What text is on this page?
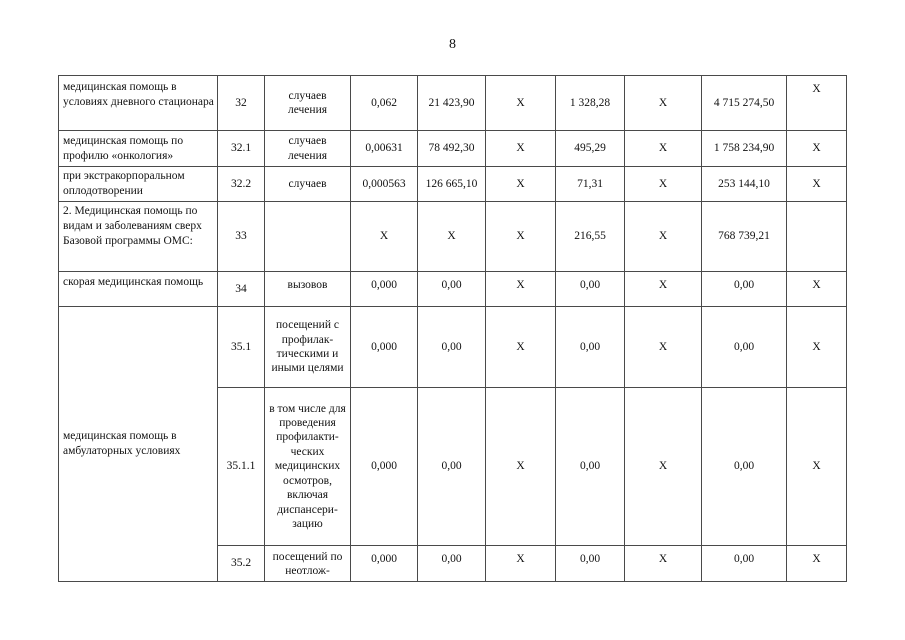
8
медицинская помощь в условиях дневного стационара	32	случаев лечения	0,062	21 423,90	X	1 328,28	X	4 715 274,50	X
медицинская помощь по профилю «онкология»	32.1	случаев лечения	0,00631	78 492,30	X	495,29	X	1 758 234,90	X
при экстракорпоральном оплодотворении	32.2	случаев	0,000563	126 665,10	X	71,31	X	253 144,10	X
2. Медицинская помощь по видам и заболеваниям сверх Базовой программы ОМС:	33		X	X	X	216,55	X	768 739,21	
скорая медицинская помощь	34	вызовов	0,000	0,00	X	0,00	X	0,00	X
медицинская помощь в амбулаторных условиях	35.1	посещений с профилак-тическими и иными целями	0,000	0,00	X	0,00	X	0,00	X
	35.1.1	в том числе для проведения профилакти-ческих медицинских осмотров, включая диспансери-зацию	0,000	0,00	X	0,00	X	0,00	X
	35.2	посещений по неотлож-	0,000	0,00	X	0,00	X	0,00	X
